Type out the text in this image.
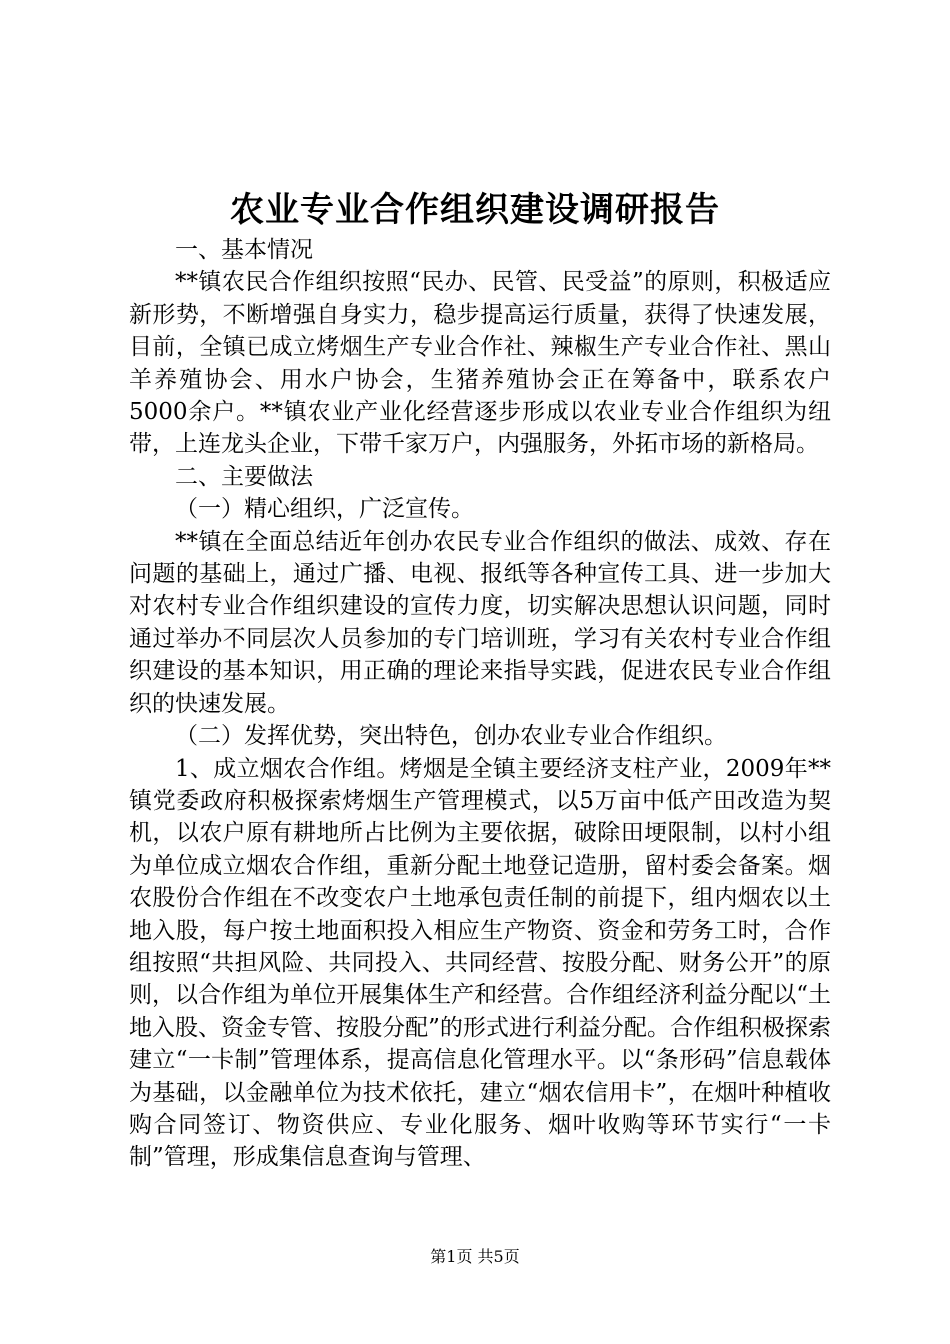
农业专业合作组织建设调研报告

一、基本情况

**镇农民合作组织按照“民办、民管、民受益”的原则，积极适应新形势，不断增强自身实力，稳步提高运行质量，获得了快速发展，目前，全镇已成立烤烟生产专业合作社、辣椒生产专业合作社、黑山羊养殖协会、用水户协会，生猪养殖协会正在筹备中，联系农户5000余户。**镇农业产业化经营逐步形成以农业专业合作组织为纽带，上连龙头企业，下带千家万户，内强服务，外拓市场的新格局。

二、主要做法

（一）精心组织，广泛宣传。

**镇在全面总结近年创办农民专业合作组织的做法、成效、存在问题的基础上，通过广播、电视、报纸等各种宣传工具、进一步加大对农村专业合作组织建设的宣传力度，切实解决思想认识问题，同时通过举办不同层次人员参加的专门培训班，学习有关农村专业合作组织建设的基本知识，用正确的理论来指导实践，促进农民专业合作组织的快速发展。

（二）发挥优势，突出特色，创办农业专业合作组织。

1、成立烟农合作组。烤烟是全镇主要经济支柱产业，2009年**镇党委政府积极探索烤烟生产管理模式，以5万亩中低产田改造为契机，以农户原有耕地所占比例为主要依据，破除田埂限制，以村小组为单位成立烟农合作组，重新分配土地登记造册，留村委会备案。烟农股份合作组在不改变农户土地承包责任制的前提下，组内烟农以土地入股，每户按土地面积投入相应生产物资、资金和劳务工时，合作组按照“共担风险、共同投入、共同经营、按股分配、财务公开”的原则，以合作组为单位开展集体生产和经营。合作组经济利益分配以“土地入股、资金专管、按股分配”的形式进行利益分配。合作组积极探索建立“一卡制”管理体系，提高信息化管理水平。以“条形码”信息载体为基础，以金融单位为技术依托，建立“烟农信用卡”，在烟叶种植收购合同签订、物资供应、专业化服务、烟叶收购等环节实行“一卡制”管理，形成集信息查询与管理、

第1页 共5页
